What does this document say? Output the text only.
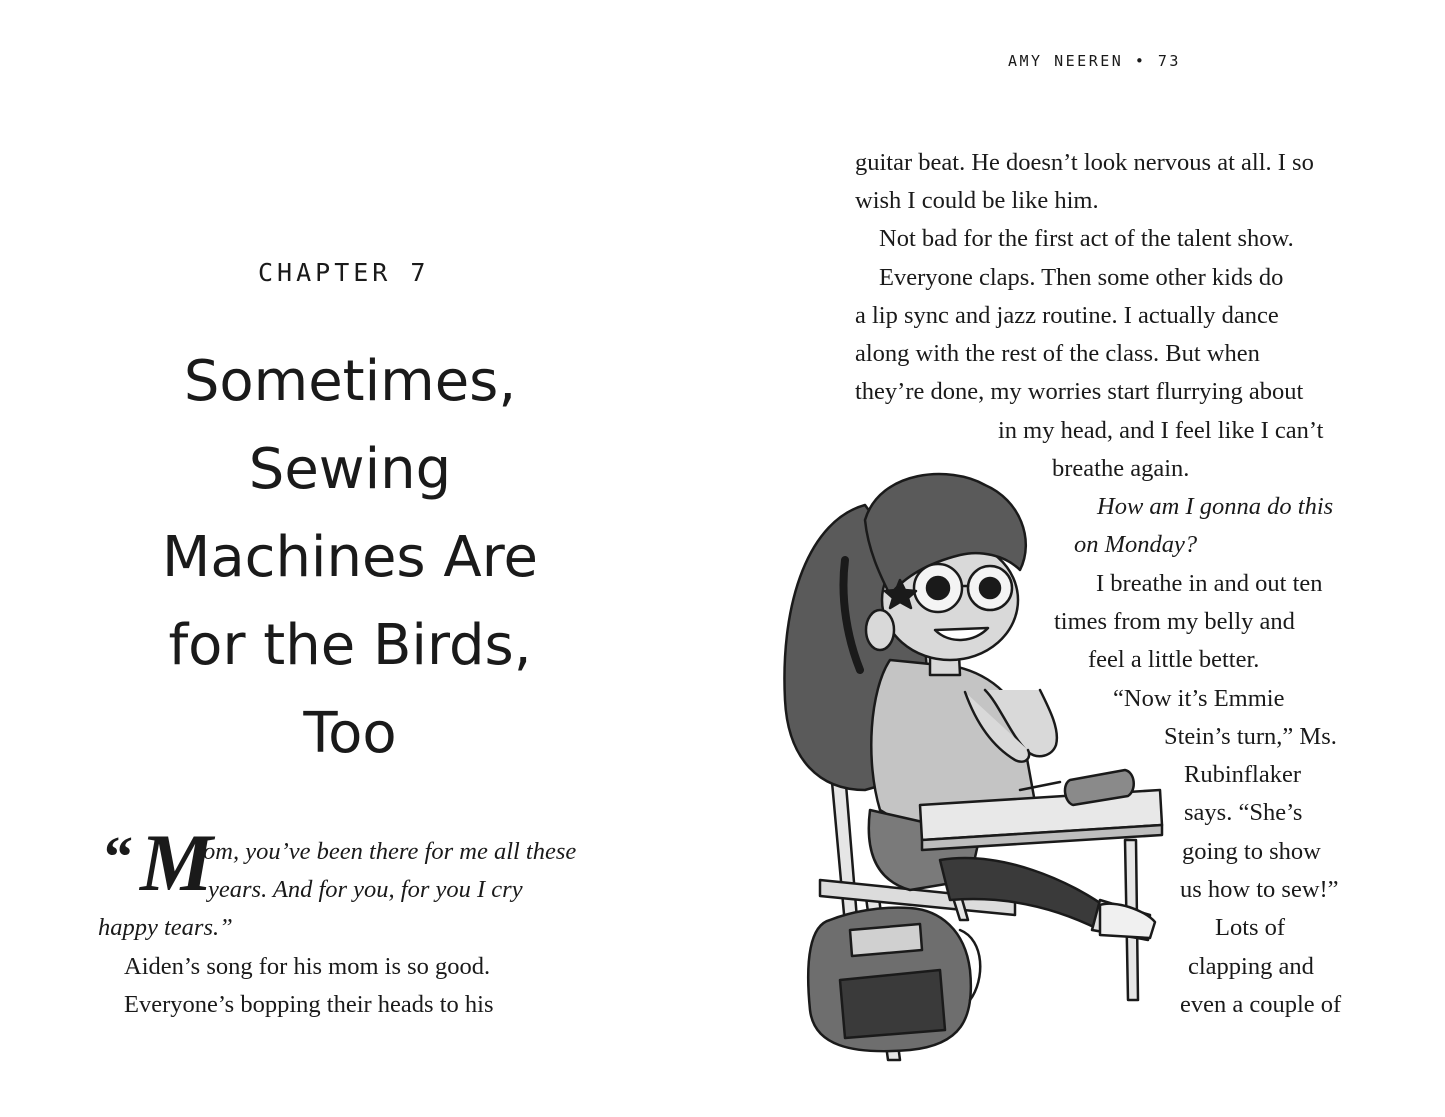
AMY NEEREN • 73
CHAPTER 7
Sometimes,
Sewing
Machines Are
for the Birds,
Too
“ M
om, you’ve been there for me all these
years. And for you, for you I cry
happy tears.”
Aiden’s song for his mom is so good.
Everyone’s bopping their heads to his
guitar beat. He doesn’t look nervous at all. I so
wish I could be like him.
Not bad for the first act of the talent show.
Everyone claps. Then some other kids do
a lip sync and jazz routine. I actually dance
along with the rest of the class. But when
they’re done, my worries start flurrying about
in my head, and I feel like I can’t
breathe again.
How am I gonna do this
on Monday?
I breathe in and out ten
times from my belly and
feel a little better.
“Now it’s Emmie
Stein’s turn,” Ms.
Rubinflaker
says. “She’s
going to show
us how to sew!”
Lots of
clapping and
even a couple of
